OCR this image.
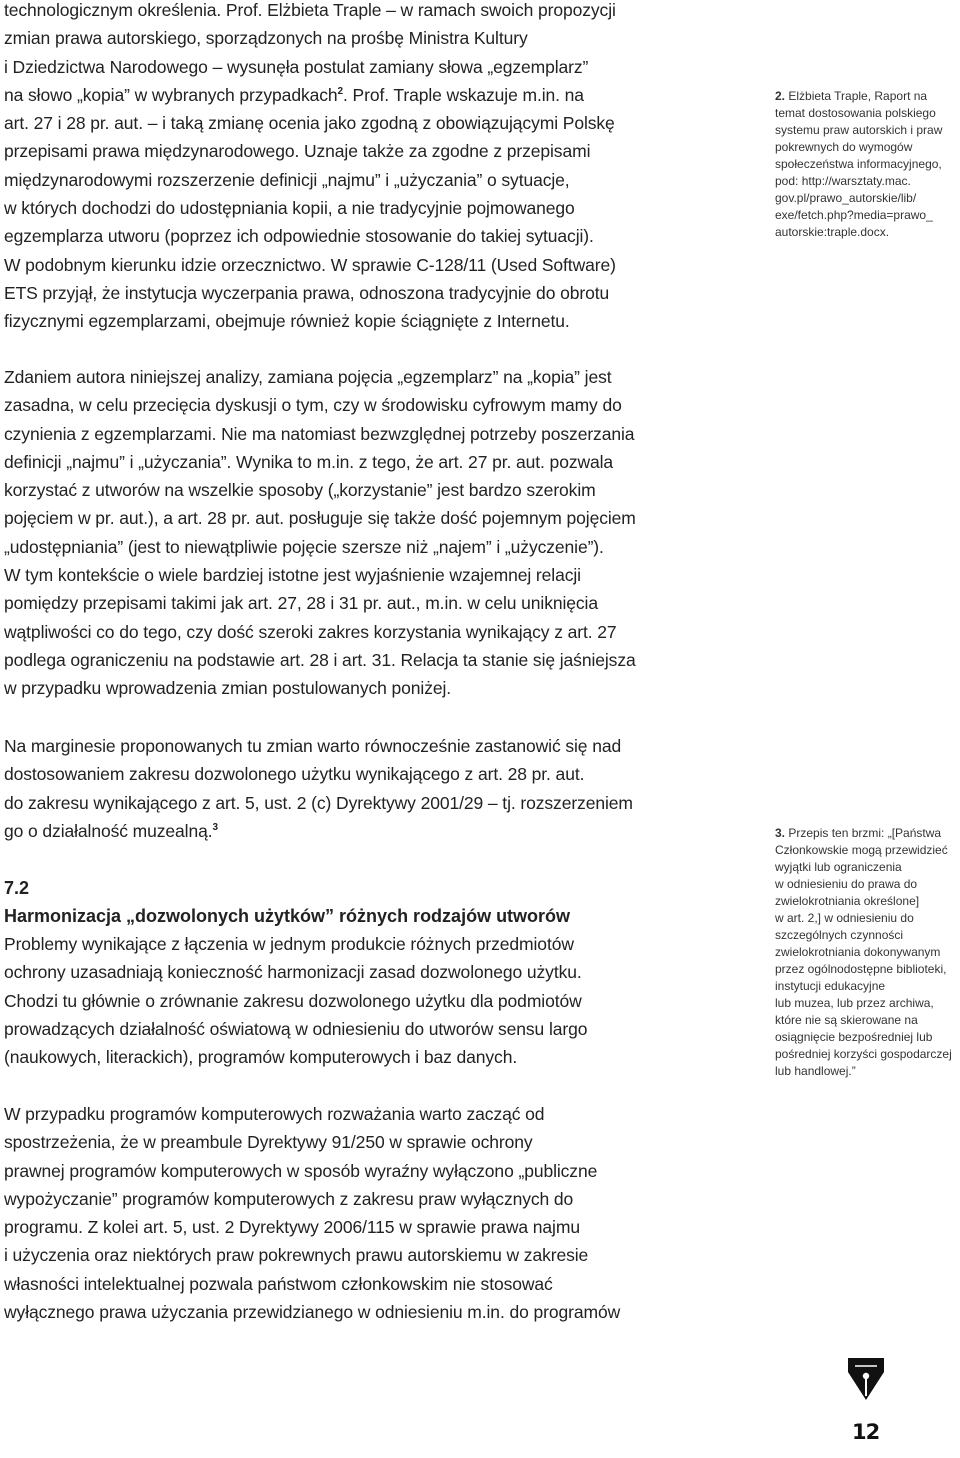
technologicznym określenia. Prof. Elżbieta Traple – w ramach swoich propozycji
zmian prawa autorskiego, sporządzonych na prośbę Ministra Kultury
i Dziedzictwa Narodowego – wysunęła postulat zamiany słowa „egzemplarz”
na słowo „kopia” w wybranych przypadkach$^2$. Prof. Traple wskazuje m.in. na
art. 27 i 28 pr. aut. – i taką zmianę ocenia jako zgodną z obowiązującymi Polskę
przepisami prawa międzynarodowego. Uznaje także za zgodne z przepisami
międzynarodowymi rozszerzenie definicji „najmu” i „użyczania” o sytuacje,
w których dochodzi do udostępniania kopii, a nie tradycyjnie pojmowanego
egzemplarza utworu (poprzez ich odpowiednie stosowanie do takiej sytuacji).
W podobnym kierunku idzie orzecznictwo. W sprawie C-128/11 (Used Software)
ETS przyjął, że instytucja wyczerpania prawa, odnoszona tradycyjnie do obrotu
fizycznymi egzemplarzami, obejmuje również kopie ściągnięte z Internetu.

Zdaniem autora niniejszej analizy, zamiana pojęcia „egzemplarz” na „kopia” jest
zasadna, w celu przecięcia dyskusji o tym, czy w środowisku cyfrowym mamy do
czynienia z egzemplarzami. Nie ma natomiast bezwzględnej potrzeby poszerzania
definicji „najmu” i „użyczania”. Wynika to m.in. z tego, że art. 27 pr. aut. pozwala
korzystać z utworów na wszelkie sposoby („korzystanie” jest bardzo szerokim
pojęciem w pr. aut.), a art. 28 pr. aut. posługuje się także dość pojemnym pojęciem
„udostępniania” (jest to niewątpliwie pojęcie szersze niż „najem” i „użyczenie”).
W tym kontekście o wiele bardziej istotne jest wyjaśnienie wzajemnej relacji
pomiędzy przepisami takimi jak art. 27, 28 i 31 pr. aut., m.in. w celu uniknięcia
wątpliwości co do tego, czy dość szeroki zakres korzystania wynikający z art. 27
podlega ograniczeniu na podstawie art. 28 i art. 31. Relacja ta stanie się jaśniejsza
w przypadku wprowadzenia zmian postulowanych poniżej.

Na marginesie proponowanych tu zmian warto równocześnie zastanowić się nad
dostosowaniem zakresu dozwolonego użytku wynikającego z art. 28 pr. aut.
do zakresu wynikającego z art. 5, ust. 2 (c) Dyrektywy 2001/29 – tj. rozszerzeniem
go o działalność muzealną.$^3$

7.2

Harmonizacja „dozwolonych użytków” różnych rodzajów utworów

Problemy wynikające z łączenia w jednym produkcie różnych przedmiotów
ochrony uzasadniają konieczność harmonizacji zasad dozwolonego użytku.
Chodzi tu głównie o zrównanie zakresu dozwolonego użytku dla podmiotów
prowadzących działalność oświatową w odniesieniu do utworów sensu largo
(naukowych, literackich), programów komputerowych i baz danych.

W przypadku programów komputerowych rozważania warto zacząć od
spostrzeżenia, że w preambule Dyrektywy 91/250 w sprawie ochrony
prawnej programów komputerowych w sposób wyraźny wyłączono „publiczne
wypożyczanie” programów komputerowych z zakresu praw wyłącznych do
programu. Z kolei art. 5, ust. 2 Dyrektywy 2006/115 w sprawie prawa najmu
i użyczenia oraz niektórych praw pokrewnych prawu autorskiemu w zakresie
własności intelektualnej pozwala państwom członkowskim nie stosować
wyłącznego prawa użyczania przewidzianego w odniesieniu m.in. do programów

2. Elżbieta Traple, Raport na
temat dostosowania polskiego
systemu praw autorskich i praw
pokrewnych do wymogów
społeczeństwa informacyjnego,
pod: http://warsztaty.mac.
gov.pl/prawo_autorskie/lib/
exe/fetch.php?media=prawo_
autorskie:traple.docx.
3. Przepis ten brzmi: „[Państwa
Członkowskie mogą przewidzieć
wyjątki lub ograniczenia
w odniesieniu do prawa do
zwielokrotniania określone]
w art. 2,] w odniesieniu do
szczególnych czynności
zwielokrotniania dokonywanym
przez ogólnodostępne biblioteki,
instytucji edukacyjne
lub muzea, lub przez archiwa,
które nie są skierowane na
osiągnięcie bezpośredniej lub
pośredniej korzyści gospodarczej
lub handlowej.”
12
